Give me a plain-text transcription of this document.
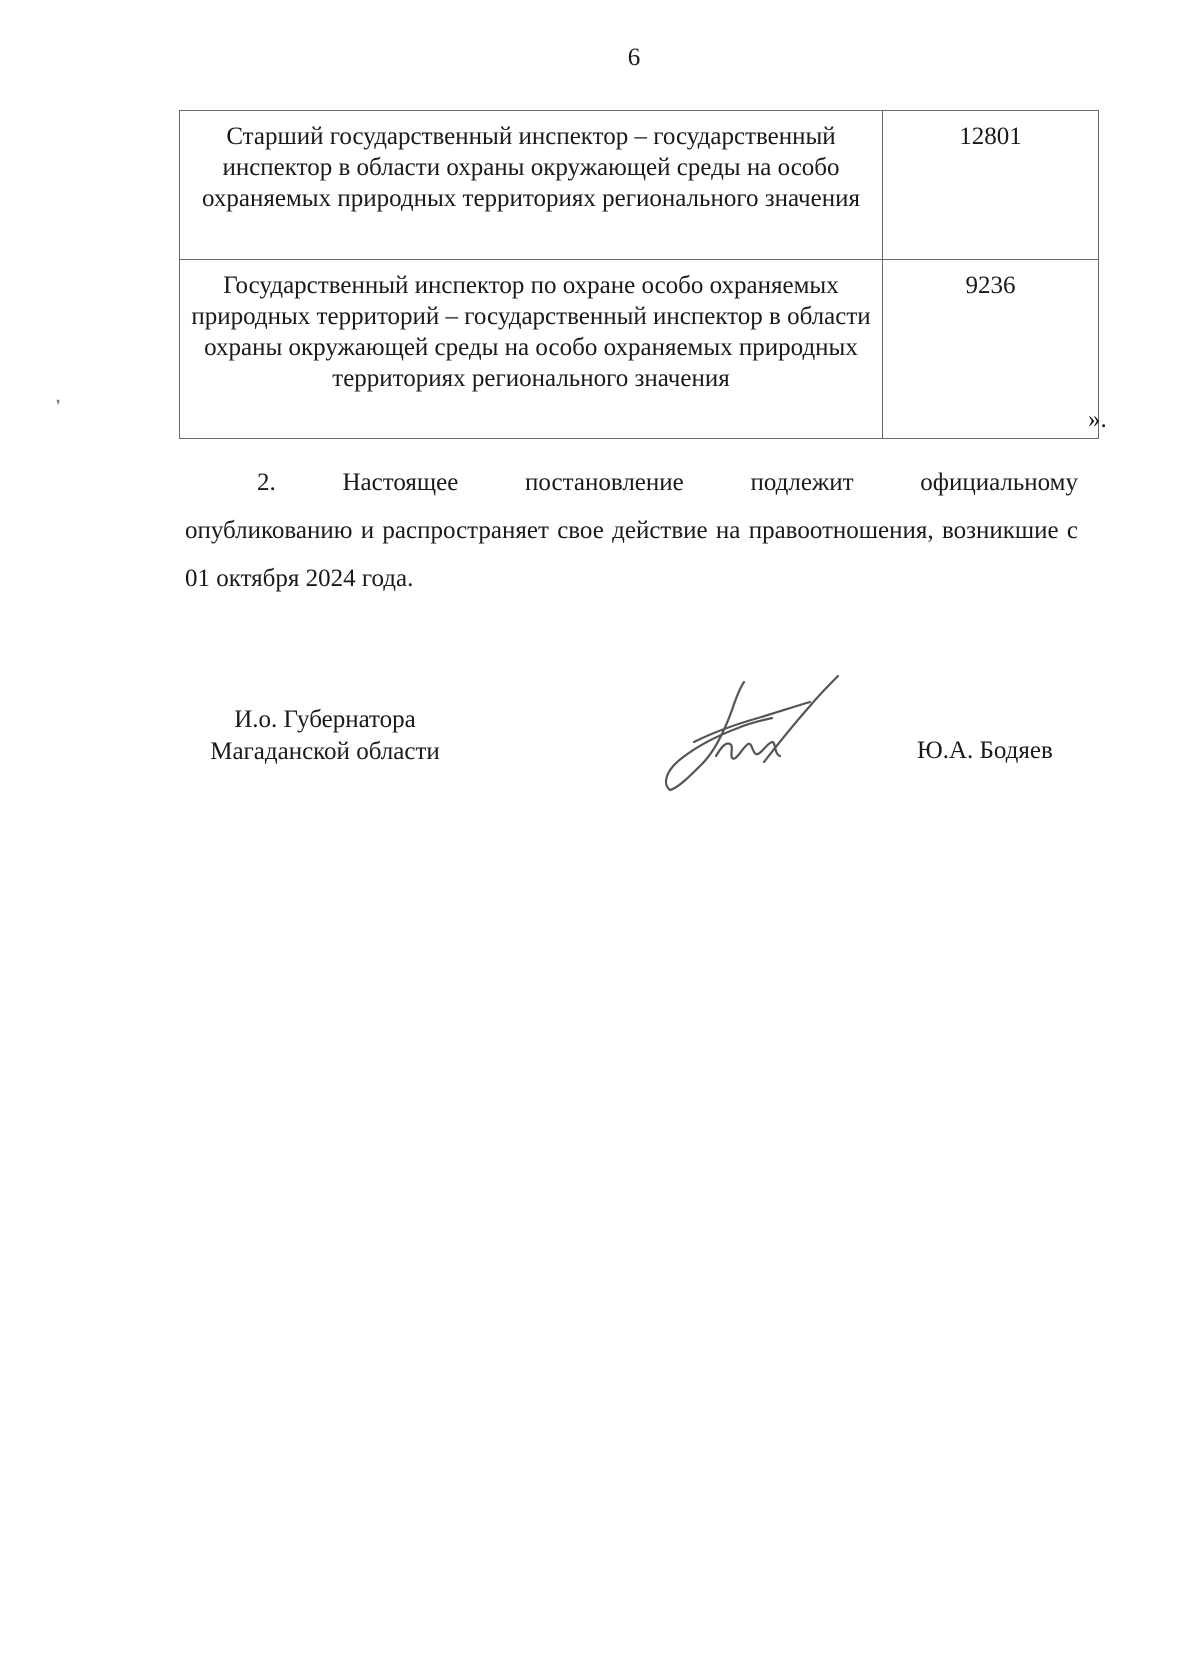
6
Старший государственный инспектор – государственный инспектор в области охраны окружающей среды на особо охраняемых природных территориях регионального значения	12801
Государственный инспектор по охране особо охраняемых природных территорий – государственный инспектор в области охраны окружающей среды на особо охраняемых природных территориях регионального значения	9236
».

2. Настоящее постановление подлежит официальному
опубликованию и распространяет свое действие на правоотношения, возникшие с 01 октября 2024 года.

И.о. Губернатора
Магаданской области	Ю.А. Бодяев
❜
